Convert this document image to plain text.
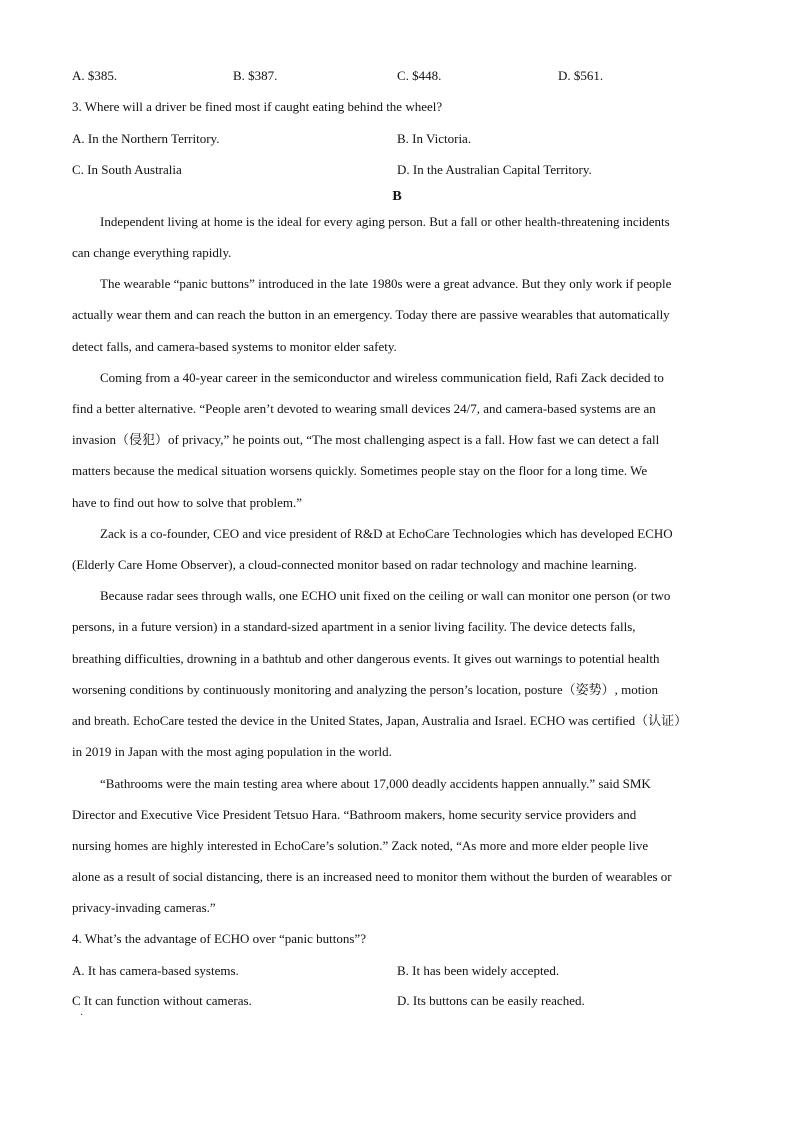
A. $385.	B. $387.	C. $448.	D. $561.
3. Where will a driver be fined most if caught eating behind the wheel?
A. In the Northern Territory.	B. In Victoria.
C. In South Australia	D. In the Australian Capital Territory.
B
Independent living at home is the ideal for every aging person. But a fall or other health-threatening incidents
can change everything rapidly.
The wearable “panic buttons” introduced in the late 1980s were a great advance. But they only work if people
actually wear them and can reach the button in an emergency. Today there are passive wearables that automatically
detect falls, and camera-based systems to monitor elder safety.
Coming from a 40-year career in the semiconductor and wireless communication field, Rafi Zack decided to
find a better alternative. “People aren’t devoted to wearing small devices 24/7, and camera-based systems are an
invasion（侵犯）of privacy,” he points out, “The most challenging aspect is a fall. How fast we can detect a fall
matters because the medical situation worsens quickly. Sometimes people stay on the floor for a long time. We
have to find out how to solve that problem.”
Zack is a co-founder, CEO and vice president of R&D at EchoCare Technologies which has developed ECHO
(Elderly Care Home Observer), a cloud-connected monitor based on radar technology and machine learning.
Because radar sees through walls, one ECHO unit fixed on the ceiling or wall can monitor one person (or two
persons, in a future version) in a standard-sized apartment in a senior living facility. The device detects falls,
breathing difficulties, drowning in a bathtub and other dangerous events. It gives out warnings to potential health
worsening conditions by continuously monitoring and analyzing the person’s location, posture（姿势）, motion
and breath. EchoCare tested the device in the United States, Japan, Australia and Israel. ECHO was certified（认证）
in 2019 in Japan with the most aging population in the world.
“Bathrooms were the main testing area where about 17,000 deadly accidents happen annually.” said SMK
Director and Executive Vice President Tetsuo Hara. “Bathroom makers, home security service providers and
nursing homes are highly interested in EchoCare’s solution.” Zack noted, “As more and more elder people live
alone as a result of social distancing, there is an increased need to monitor them without the burden of wearables or
privacy-invading cameras.”
4. What’s the advantage of ECHO over “panic buttons”?
A. It has camera-based systems.	B. It has been widely accepted.
C It can function without cameras.	D. Its buttons can be easily reached.
·
